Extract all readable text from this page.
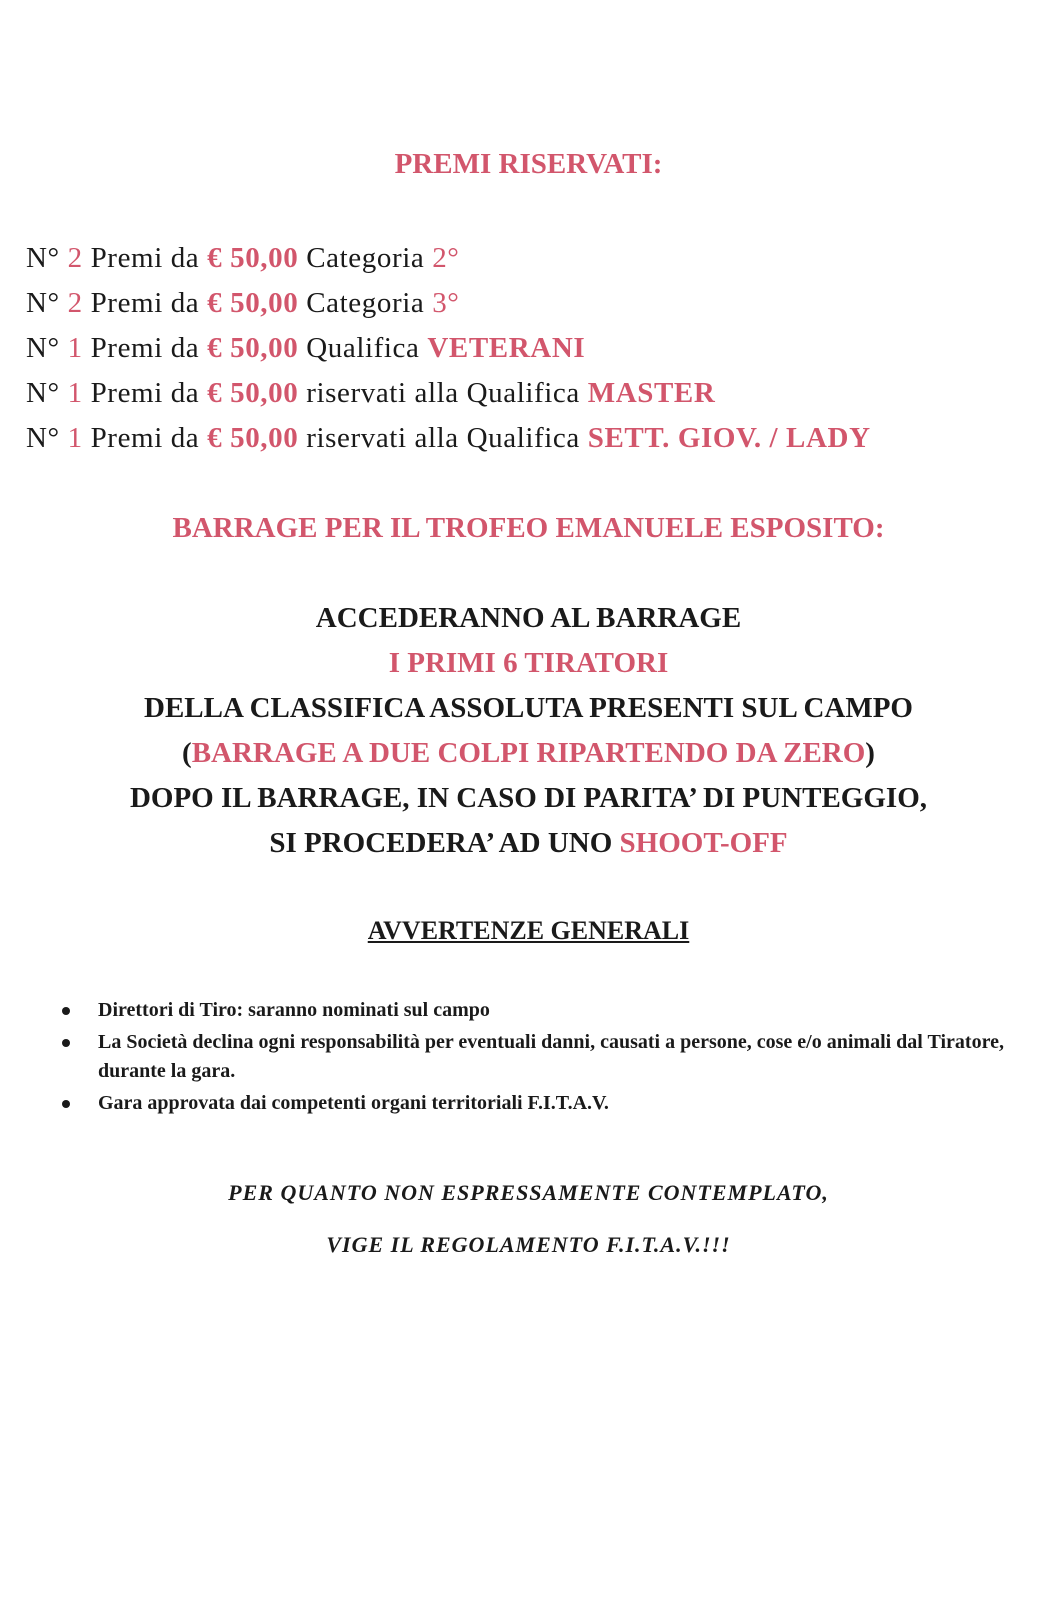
PREMI RISERVATI:
N° 2 Premi da € 50,00 Categoria 2°
N° 2 Premi da € 50,00 Categoria 3°
N° 1 Premi da € 50,00 Qualifica VETERANI
N° 1 Premi da € 50,00 riservati alla Qualifica MASTER
N° 1 Premi da € 50,00 riservati alla Qualifica SETT. GIOV. / LADY
BARRAGE PER IL TROFEO EMANUELE ESPOSITO:
ACCEDERANNO AL BARRAGE
I PRIMI 6 TIRATORI
DELLA CLASSIFICA ASSOLUTA PRESENTI SUL CAMPO
(BARRAGE A DUE COLPI RIPARTENDO DA ZERO)
DOPO IL BARRAGE, IN CASO DI PARITA’ DI PUNTEGGIO,
SI PROCEDERA’ AD UNO SHOOT-OFF
AVVERTENZE GENERALI
Direttori di Tiro: saranno nominati sul campo
La Società declina ogni responsabilità per eventuali danni, causati a persone, cose e/o animali dal Tiratore, durante la gara.
Gara approvata dai competenti organi territoriali F.I.T.A.V.

PER QUANTO NON ESPRESSAMENTE CONTEMPLATO,

VIGE IL REGOLAMENTO F.I.T.A.V.!!!
